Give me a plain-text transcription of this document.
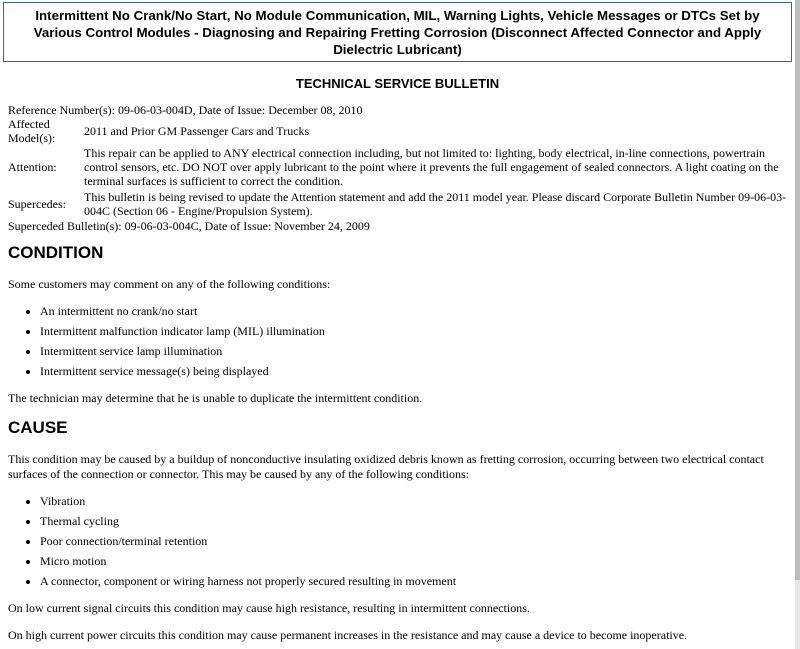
Intermittent No Crank/No Start, No Module Communication, MIL, Warning Lights, Vehicle Messages or DTCs Set by Various Control Modules - Diagnosing and Repairing Fretting Corrosion (Disconnect Affected Connector and Apply Dielectric Lubricant)
TECHNICAL SERVICE BULLETIN
Reference Number(s): 09-06-03-004D, Date of Issue: December 08, 2010
Affected Model(s):	2011 and Prior GM Passenger Cars and Trucks
Attention:	This repair can be applied to ANY electrical connection including, but not limited to: lighting, body electrical, in-line connections, powertrain control sensors, etc. DO NOT over apply lubricant to the point where it prevents the full engagement of sealed connectors. A light coating on the terminal surfaces is sufficient to correct the condition.
Supercedes:	This bulletin is being revised to update the Attention statement and add the 2011 model year. Please discard Corporate Bulletin Number 09-06-03-004C (Section 06 - Engine/Propulsion System).
Superceded Bulletin(s): 09-06-03-004C, Date of Issue: November 24, 2009
CONDITION

Some customers may comment on any of the following conditions:

• An intermittent no crank/no start
• Intermittent malfunction indicator lamp (MIL) illumination
• Intermittent service lamp illumination
• Intermittent service message(s) being displayed

The technician may determine that he is unable to duplicate the intermittent condition.

CAUSE

This condition may be caused by a buildup of nonconductive insulating oxidized debris known as fretting corrosion, occurring between two electrical contact surfaces of the connection or connector. This may be caused by any of the following conditions:

• Vibration
• Thermal cycling
• Poor connection/terminal retention
• Micro motion
• A connector, component or wiring harness not properly secured resulting in movement

On low current signal circuits this condition may cause high resistance, resulting in intermittent connections.

On high current power circuits this condition may cause permanent increases in the resistance and may cause a device to become inoperative.
